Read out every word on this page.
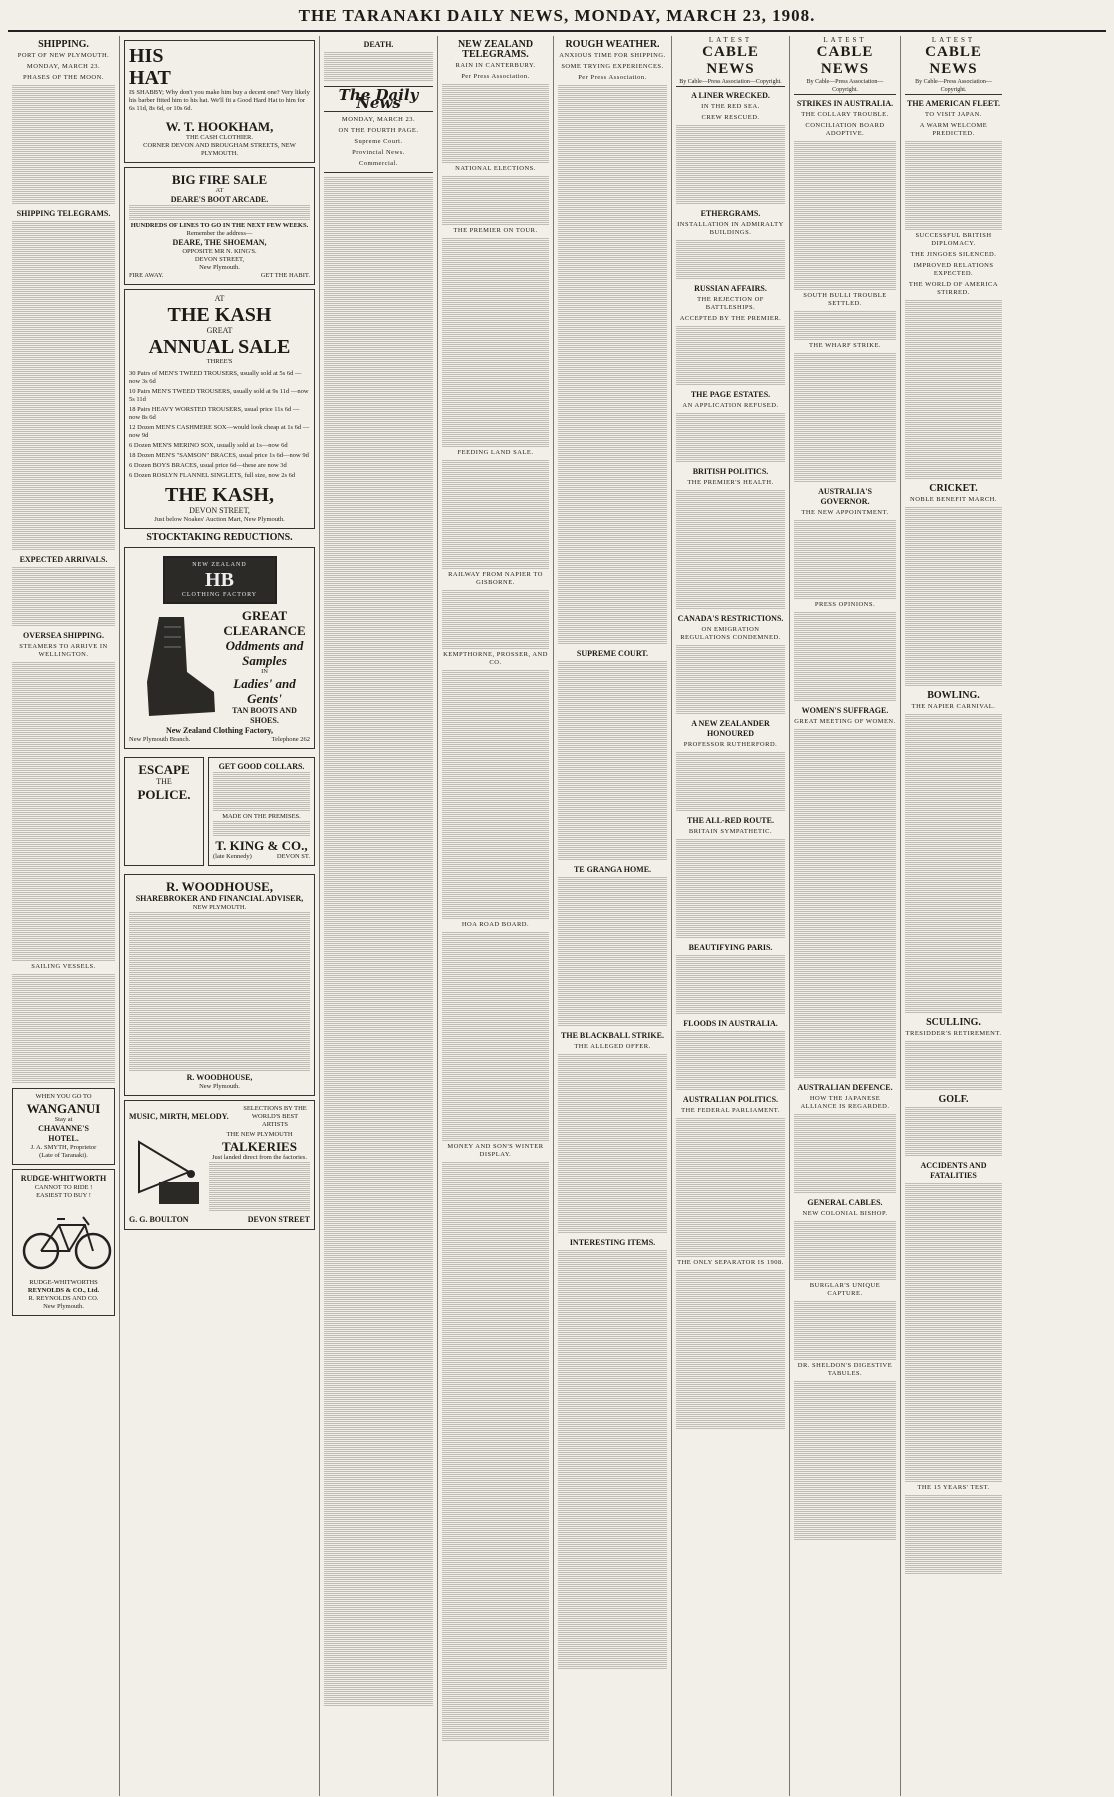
THE TARANAKI DAILY NEWS, MONDAY, MARCH 23, 1908.
SHIPPING.
PORT OF NEW PLYMOUTH.
MONDAY, MARCH 23.
PHASES OF THE MOON.
SHIPPING TELEGRAMS.
EXPECTED ARRIVALS.
OVERSEA SHIPPING.
STEAMERS TO ARRIVE IN WELLINGTON.
SAILING VESSELS.
WHEN YOU GO TO
WANGANUI
Stay at
CHAVANNE'S
HOTEL.
J. A. SMYTH, Proprietor
(Late of Taranaki).
RUDGE-WHITWORTH
CANNOT TO RIDE !
EASIEST TO BUY !
RUDGE-WHITWORTHS
REYNOLDS & CO., Ltd.
R. REYNOLDS AND CO.
New Plymouth.
HIS
HAT
IS SHABBY; Why don't you make him buy a decent one? Very likely his barber fitted him to his hat. We'll fit a Good Hard Hat to him for 6s 11d, 8s 6d, or 10s 6d.
W. T. HOOKHAM,
THE CASH CLOTHIER.
CORNER DEVON AND BROUGHAM STREETS, NEW PLYMOUTH.
BIG FIRE SALE
AT
DEARE'S BOOT ARCADE.
HUNDREDS OF LINES TO GO IN THE NEXT FEW WEEKS.
Remember the address—
DEARE, THE SHOEMAN,
OPPOSITE MR N. KING'S.
DEVON STREET,
New Plymouth.
FIRE AWAY.	GET THE HABIT.
AT
THE KASH
GREAT
ANNUAL SALE
THREE'S
30 Pairs of MEN'S TWEED TROUSERS, usually sold at 5s 6d —now 3s 6d
10 Pairs MEN'S TWEED TROUSERS, usually sold at 9s 11d —now 5s 11d
18 Pairs HEAVY WORSTED TROUSERS, usual price 11s 6d —now 8s 6d
12 Dozen MEN'S CASHMERE SOX—would look cheap at 1s 6d —now 9d
6 Dozen MEN'S MERINO SOX, usually sold at 1s—now 6d
18 Dozen MEN'S "SAMSON" BRACES, usual price 1s 6d—now 9d
6 Dozen BOYS BRACES, usual price 6d—these are now 3d
6 Dozen ROSLYN FLANNEL SINGLETS, full size, now 2s 6d
THE KASH,
DEVON STREET,
Just below Noakes' Auction Mart, New Plymouth.
STOCKTAKING REDUCTIONS.
NEW ZEALAND
HB
CLOTHING FACTORY
GREAT CLEARANCE
Oddments and Samples
IN
Ladies' and Gents'
TAN BOOTS AND SHOES.
New Zealand Clothing Factory,
New Plymouth Branch.	Telephone 262
ESCAPE
THE
POLICE.
GET GOOD COLLARS.
MADE ON THE PREMISES.
T. KING & CO.,
(late Kennedy)	DEVON ST.
R. WOODHOUSE,
SHAREBROKER AND FINANCIAL ADVISER,
NEW PLYMOUTH.
R. WOODHOUSE,
New Plymouth.
MUSIC, MIRTH, MELODY.
SELECTIONS BY THE WORLD'S BEST ARTISTS
THE NEW PLYMOUTH
TALKERIES
Just landed direct from the factories.
G. G. BOULTON	DEVON STREET
DEATH.
The Daily News
MONDAY, MARCH 23.
ON THE FOURTH PAGE.
Supreme Court.
Provincial News.
Commercial.
NEW ZEALAND TELEGRAMS.
RAIN IN CANTERBURY.
Per Press Association.
NATIONAL ELECTIONS.
THE PREMIER ON TOUR.
FEEDING LAND SALE.
RAILWAY FROM NAPIER TO GISBORNE.
KEMPTHORNE, PROSSER, AND CO.
HOA ROAD BOARD.
MONEY AND SON'S WINTER DISPLAY.
ROUGH WEATHER.
ANXIOUS TIME FOR SHIPPING.
SOME TRYING EXPERIENCES.
Per Press Association.
SUPREME COURT.
TE GRANGA HOME.
THE BLACKBALL STRIKE.
THE ALLEGED OFFER.
INTERESTING ITEMS.
LATEST
CABLE NEWS
By Cable—Press Association—Copyright.
A LINER WRECKED.
IN THE RED SEA.
CREW RESCUED.
ETHERGRAMS.
INSTALLATION IN ADMIRALTY BUILDINGS.
RUSSIAN AFFAIRS.
THE REJECTION OF BATTLESHIPS.
ACCEPTED BY THE PREMIER.
THE PAGE ESTATES.
AN APPLICATION REFUSED.
BRITISH POLITICS.
THE PREMIER'S HEALTH.
CANADA'S RESTRICTIONS.
ON EMIGRATION REGULATIONS CONDEMNED.
A NEW ZEALANDER HONOURED
PROFESSOR RUTHERFORD.
THE ALL-RED ROUTE.
BRITAIN SYMPATHETIC.
BEAUTIFYING PARIS.
FLOODS IN AUSTRALIA.
AUSTRALIAN POLITICS.
THE FEDERAL PARLIAMENT.
THE ONLY SEPARATOR IS 1908.
LATEST
CABLE NEWS
By Cable—Press Association—Copyright.
STRIKES IN AUSTRALIA.
THE COLLARY TROUBLE.
CONCILIATION BOARD ADOPTIVE.
SOUTH BULLI TROUBLE SETTLED.
THE WHARF STRIKE.
AUSTRALIA'S GOVERNOR.
THE NEW APPOINTMENT.
PRESS OPINIONS.
WOMEN'S SUFFRAGE.
GREAT MEETING OF WOMEN.
AUSTRALIAN DEFENCE.
HOW THE JAPANESE ALLIANCE IS REGARDED.
GENERAL CABLES.
NEW COLONIAL BISHOP.
BURGLAR'S UNIQUE CAPTURE.
DR. SHELDON'S DIGESTIVE TABULES.
LATEST
CABLE NEWS
By Cable—Press Association—Copyright.
THE AMERICAN FLEET.
TO VISIT JAPAN.
A WARM WELCOME PREDICTED.
SUCCESSFUL BRITISH DIPLOMACY.
THE JINGOES SILENCED.
IMPROVED RELATIONS EXPECTED.
THE WORLD OF AMERICA STIRRED.
CRICKET.
NOBLE BENEFIT MARCH.
BOWLING.
THE NAPIER CARNIVAL.
SCULLING.
TRESIDDER'S RETIREMENT.
GOLF.
ACCIDENTS AND FATALITIES
THE 15 YEARS' TEST.
